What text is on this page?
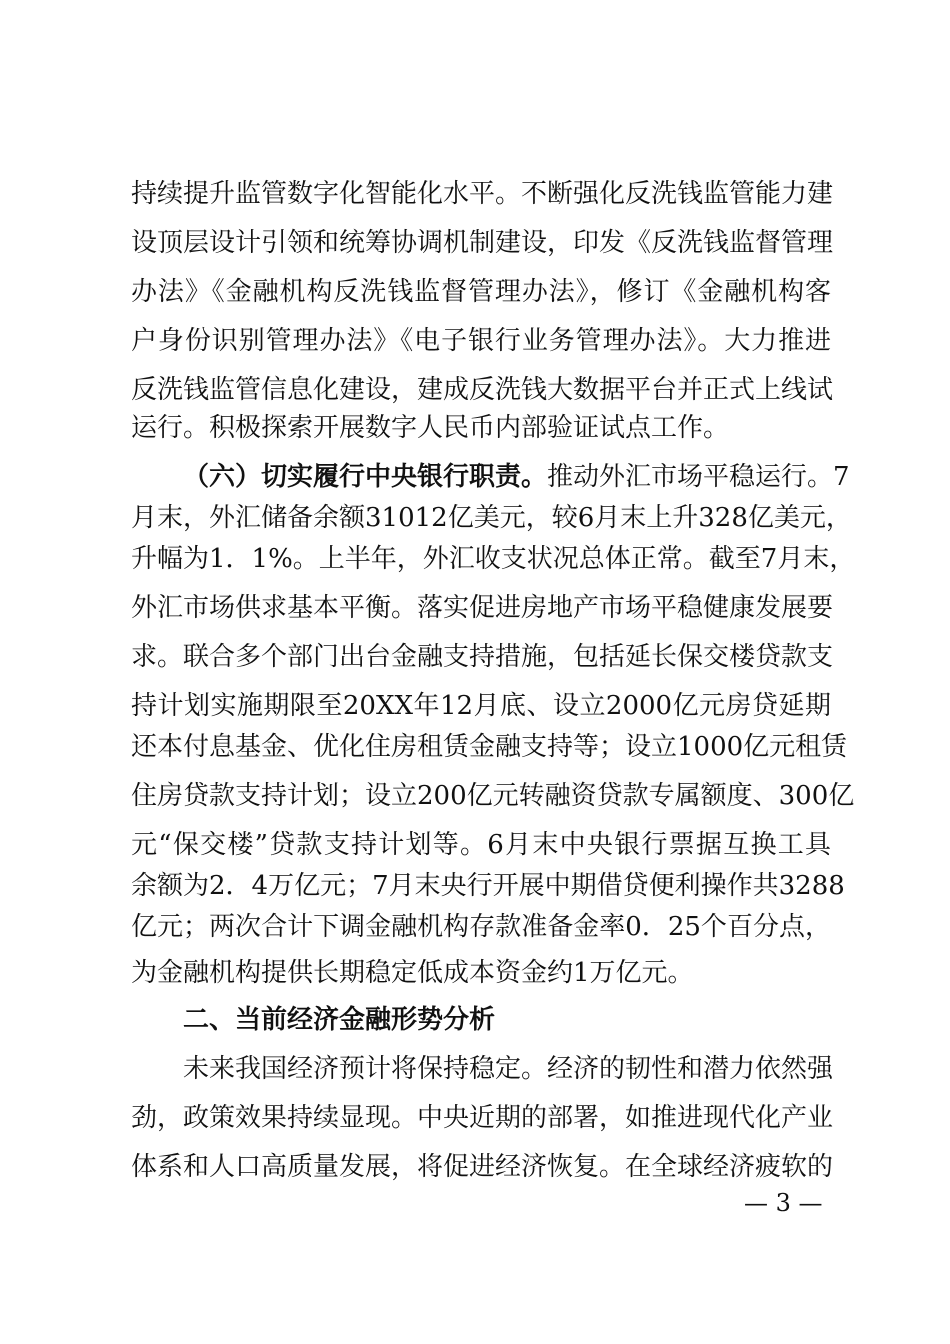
持续提升监管数字化智能化水平。不断强化反洗钱监管能力建
设顶层设计引领和统筹协调机制建设，印发《反洗钱监督管理
办法》《金融机构反洗钱监督管理办法》，修订《金融机构客
户身份识别管理办法》《电子银行业务管理办法》。大力推进
反洗钱监管信息化建设，建成反洗钱大数据平台并正式上线试
运行。积极探索开展数字人民币内部验证试点工作。
（六）切实履行中央银行职责。推动外汇市场平稳运行。7
月末，外汇储备余额31012亿美元，较6月末上升328亿美元，
升幅为1．1%。上半年，外汇收支状况总体正常。截至7月末，
外汇市场供求基本平衡。落实促进房地产市场平稳健康发展要
求。联合多个部门出台金融支持措施，包括延长保交楼贷款支
持计划实施期限至20XX年12月底、设立2000亿元房贷延期
还本付息基金、优化住房租赁金融支持等；设立1000亿元租赁
住房贷款支持计划；设立200亿元转融资贷款专属额度、300亿
元“保交楼”贷款支持计划等。6月末中央银行票据互换工具
余额为2．4万亿元；7月末央行开展中期借贷便利操作共3288
亿元；两次合计下调金融机构存款准备金率0．25个百分点，
为金融机构提供长期稳定低成本资金约1万亿元。
二、当前经济金融形势分析
未来我国经济预计将保持稳定。经济的韧性和潜力依然强
劲，政策效果持续显现。中央近期的部署，如推进现代化产业
体系和人口高质量发展，将促进经济恢复。在全球经济疲软的
— 3 —
